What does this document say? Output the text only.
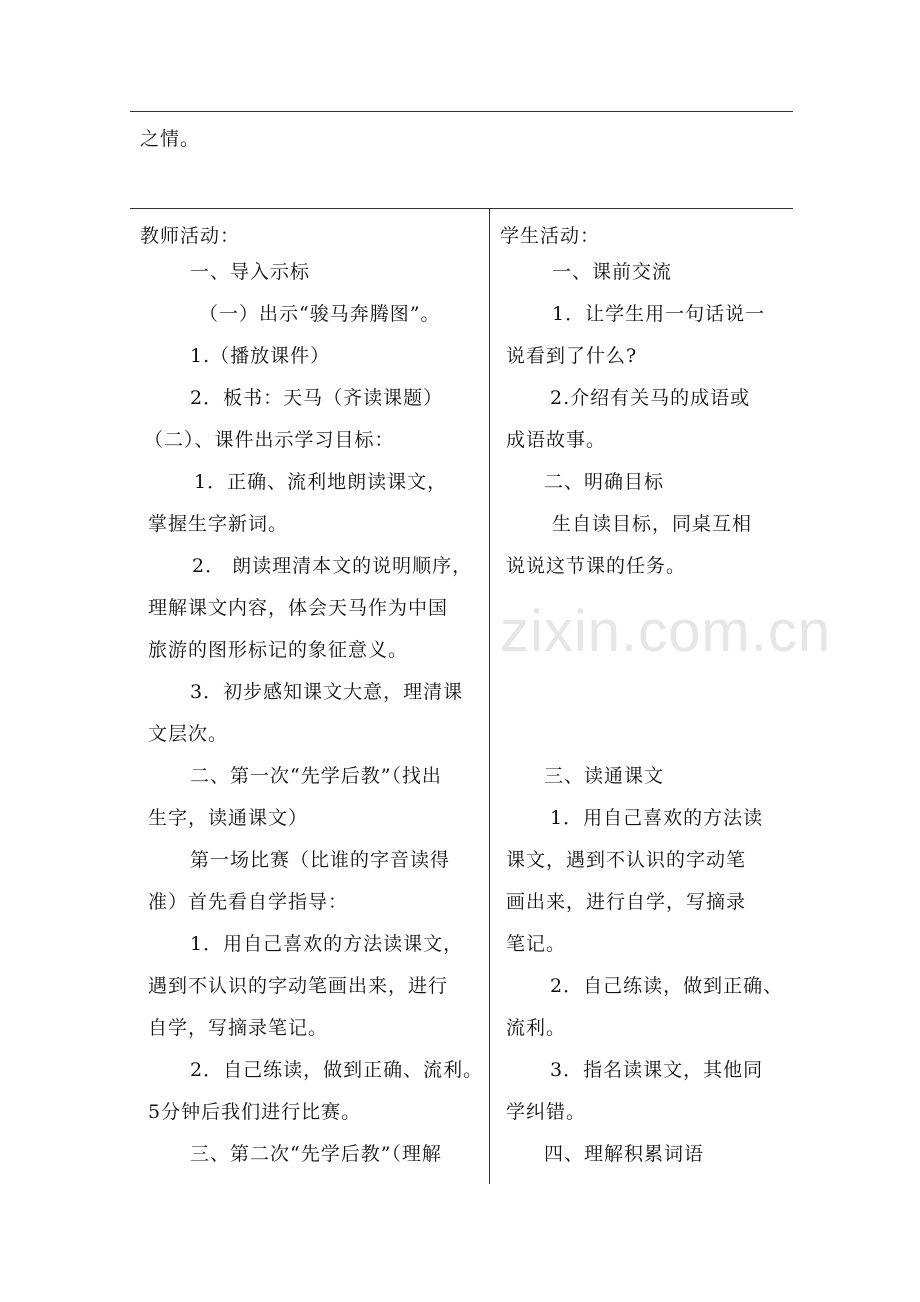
之情。
教师活动：
一、导入示标
（一）出示“骏马奔腾图”。
1.（播放课件）
2．板书：天马（齐读课题）
（二）、课件出示学习目标：
1．正确、流利地朗读课文，
掌握生字新词。
2． 朗读理清本文的说明顺序，
理解课文内容，体会天马作为中国
旅游的图形标记的象征意义。
3．初步感知课文大意，理清课
文层次。
二、第一次“先学后教”（找出
生字，读通课文）
第一场比赛（比谁的字音读得
准）首先看自学指导：
1．用自己喜欢的方法读课文，
遇到不认识的字动笔画出来，进行
自学，写摘录笔记。
2．自己练读，做到正确、流利。
5分钟后我们进行比赛。
三、第二次“先学后教”（理解
学生活动：
一、课前交流
1．让学生用一句话说一
说看到了什么?
2.介绍有关马的成语或
成语故事。
二、明确目标
生自读目标，同桌互相
说说这节课的任务。
三、读通课文
1．用自己喜欢的方法读
课文，遇到不认识的字动笔
画出来，进行自学，写摘录
笔记。
2．自己练读，做到正确、
流利。
3．指名读课文，其他同
学纠错。
四、理解积累词语
zixin.com.cn
